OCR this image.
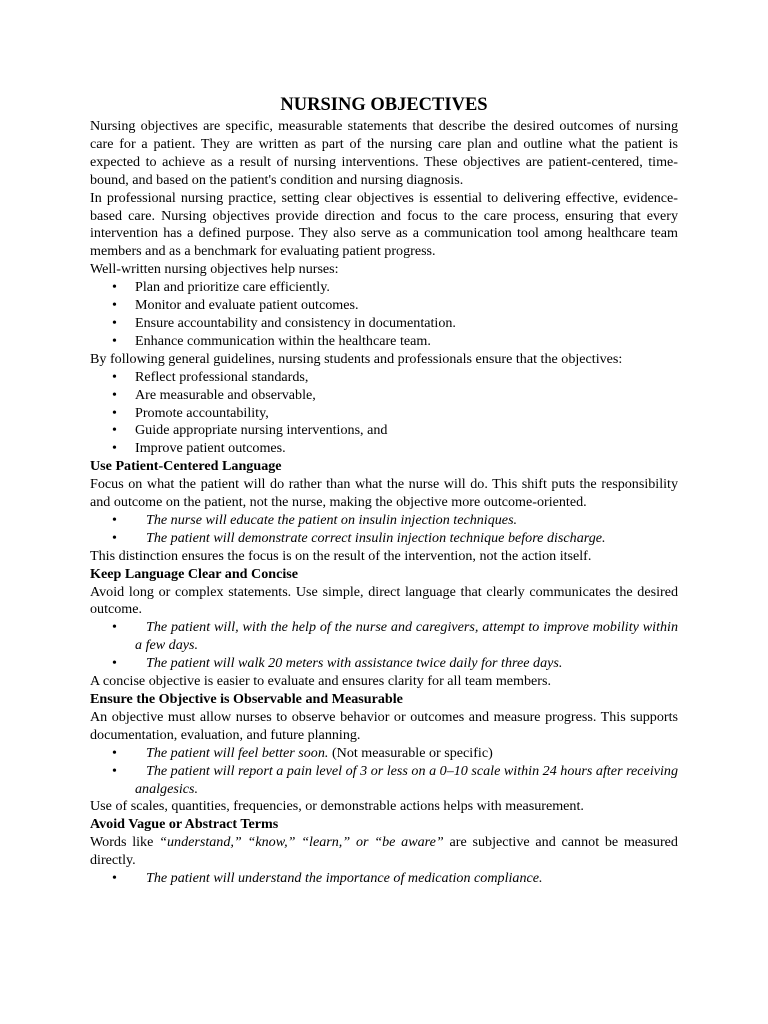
NURSING OBJECTIVES

Nursing objectives are specific, measurable statements that describe the desired outcomes of nursing care for a patient. They are written as part of the nursing care plan and outline what the patient is expected to achieve as a result of nursing interventions. These objectives are patient-centered, time-bound, and based on the patient's condition and nursing diagnosis.

In professional nursing practice, setting clear objectives is essential to delivering effective, evidence-based care. Nursing objectives provide direction and focus to the care process, ensuring that every intervention has a defined purpose. They also serve as a communication tool among healthcare team members and as a benchmark for evaluating patient progress.

Well-written nursing objectives help nurses:

• Plan and prioritize care efficiently.
• Monitor and evaluate patient outcomes.
• Ensure accountability and consistency in documentation.
• Enhance communication within the healthcare team.

By following general guidelines, nursing students and professionals ensure that the objectives:

• Reflect professional standards,
• Are measurable and observable,
• Promote accountability,
• Guide appropriate nursing interventions, and
• Improve patient outcomes.
Use Patient-Centered Language

Focus on what the patient will do rather than what the nurse will do. This shift puts the responsibility and outcome on the patient, not the nurse, making the objective more outcome-oriented.

•	The nurse will educate the patient on insulin injection techniques.
•	The patient will demonstrate correct insulin injection technique before discharge.

This distinction ensures the focus is on the result of the intervention, not the action itself.

Keep Language Clear and Concise

Avoid long or complex statements. Use simple, direct language that clearly communicates the desired outcome.

•	The patient will, with the help of the nurse and caregivers, attempt to improve mobility within a few days.
•	The patient will walk 20 meters with assistance twice daily for three days.

A concise objective is easier to evaluate and ensures clarity for all team members.

Ensure the Objective is Observable and Measurable

An objective must allow nurses to observe behavior or outcomes and measure progress. This supports documentation, evaluation, and future planning.

•	The patient will feel better soon. (Not measurable or specific)
•	The patient will report a pain level of 3 or less on a 0–10 scale within 24 hours after receiving analgesics.

Use of scales, quantities, frequencies, or demonstrable actions helps with measurement.

Avoid Vague or Abstract Terms

Words like “understand,” “know,” “learn,” or “be aware” are subjective and cannot be measured directly.

•	The patient will understand the importance of medication compliance.
